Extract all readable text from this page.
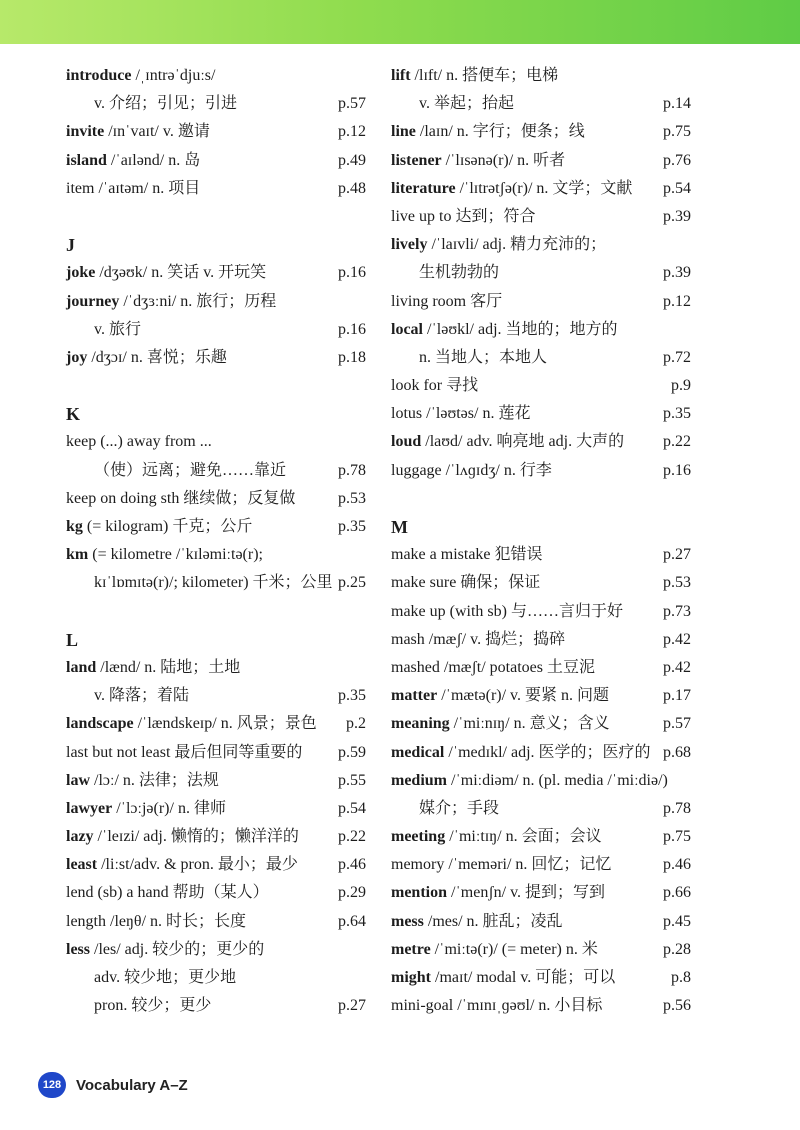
introduce /ˌɪntrəˈdjuːs/
v. 介绍；引见；引进	p.57
invite /ɪnˈvaɪt/ v. 邀请	p.12
island /ˈaɪlənd/ n. 岛	p.49
item /ˈaɪtəm/ n. 项目	p.48
J
joke /dʒəʊk/ n. 笑话 v. 开玩笑	p.16
journey /ˈdʒɜːni/ n. 旅行；历程
v. 旅行	p.16
joy /dʒɔɪ/ n. 喜悦；乐趣	p.18
K
keep (...) away from ...
（使）远离；避免……靠近	p.78
keep on doing sth 继续做；反复做	p.53
kg (= kilogram) 千克；公斤	p.35
km (= kilometre /ˈkɪləmiːtə(r);
kɪˈlɒmɪtə(r)/; kilometer) 千米；公里 p.25
L
land /lænd/ n. 陆地；土地
v. 降落；着陆	p.35
landscape /ˈlændskeɪp/ n. 风景；景色 p.2
last but not least 最后但同等重要的 p.59
law /lɔː/ n. 法律；法规	p.55
lawyer /ˈlɔːjə(r)/ n. 律师	p.54
lazy /ˈleɪzi/ adj. 懒惰的；懒洋洋的 p.22
least /liːst/adv. & pron. 最小；最少	p.46
lend (sb) a hand 帮助（某人）	p.29
length /leŋθ/ n. 时长；长度	p.64
less /les/ adj. 较少的；更少的
adv. 较少地；更少地
pron. 较少；更少	p.27
lift /lɪft/ n. 搭便车；电梯
v. 举起；抬起	p.14
line /laɪn/ n. 字行；便条；线	p.75
listener /ˈlɪsənə(r)/ n. 听者	p.76
literature /ˈlɪtrətʃə(r)/ n. 文学；文献 p.54
live up to 达到；符合	p.39
lively /ˈlaɪvli/ adj. 精力充沛的；
生机勃勃的	p.39
living room 客厅	p.12
local /ˈləʊkl/ adj. 当地的；地方的
n. 当地人；本地人	p.72
look for 寻找	p.9
lotus /ˈləʊtəs/ n. 莲花	p.35
loud /laʊd/ adv. 响亮地 adj. 大声的 p.22
luggage /ˈlʌɡɪdʒ/ n. 行李	p.16
M
make a mistake 犯错误	p.27
make sure 确保；保证	p.53
make up (with sb) 与……言归于好	p.73
mash /mæʃ/ v. 捣烂；捣碎	p.42
mashed /mæʃt/ potatoes 土豆泥	p.42
matter /ˈmætə(r)/ v. 要紧 n. 问题	p.17
meaning /ˈmiːnɪŋ/ n. 意义；含义	p.57
medical /ˈmedɪkl/ adj. 医学的；医疗的 p.68
medium /ˈmiːdiəm/ n. (pl. media /ˈmiːdiə/)
媒介；手段	p.78
meeting /ˈmiːtɪŋ/ n. 会面；会议	p.75
memory /ˈmeməri/ n. 回忆；记忆	p.46
mention /ˈmenʃn/ v. 提到；写到	p.66
mess /mes/ n. 脏乱；凌乱	p.45
metre /ˈmiːtə(r)/ (= meter) n. 米	p.28
might /maɪt/ modal v. 可能；可以	p.8
mini-goal /ˈmɪnɪˌɡəʊl/ n. 小目标	p.56
128 Vocabulary A–Z
